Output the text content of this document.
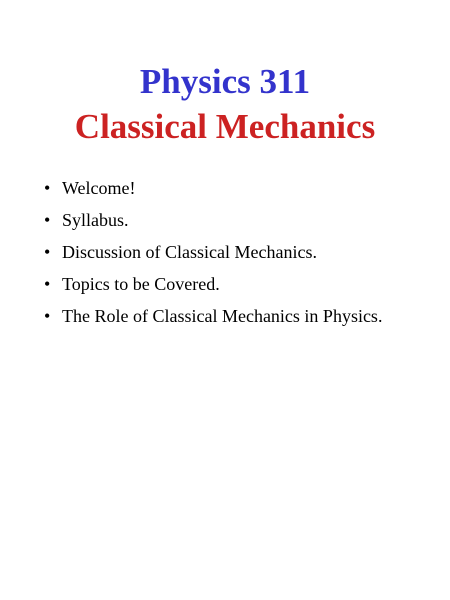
Physics 311
Classical Mechanics
• Welcome!
• Syllabus.
• Discussion of Classical Mechanics.
• Topics to be Covered.
• The Role of Classical Mechanics in Physics.
